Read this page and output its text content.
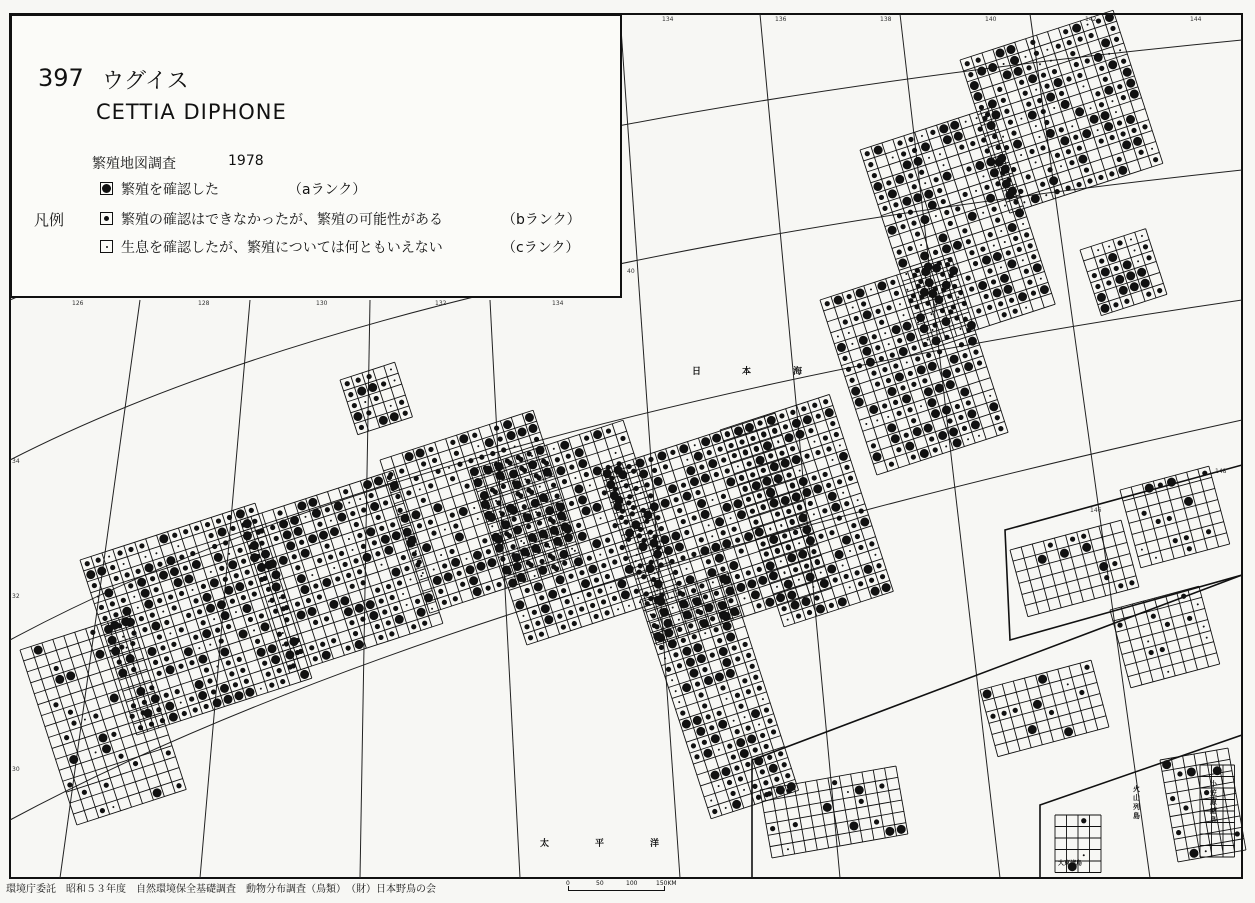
397 ウグイス
CETTIA DIPHONE
繁殖地図調査	1978
凡例
繁殖を確認した	（aランク）
繁殖の確認はできなかったが、繁殖の可能性がある	（bランク）
生息を確認したが、繁殖については何ともいえない	（cランク）
日	本	海
太	平	洋
火山列島
小笠原諸島
大東諸島
126	128	130	132	134
134	136	138	140	142	144
146
148
34
32
30
40
環境庁委託　昭和５３年度　自然環境保全基礎調査　動物分布調査（鳥類）　（財）日本野鳥の会
0	50	100	150KM
